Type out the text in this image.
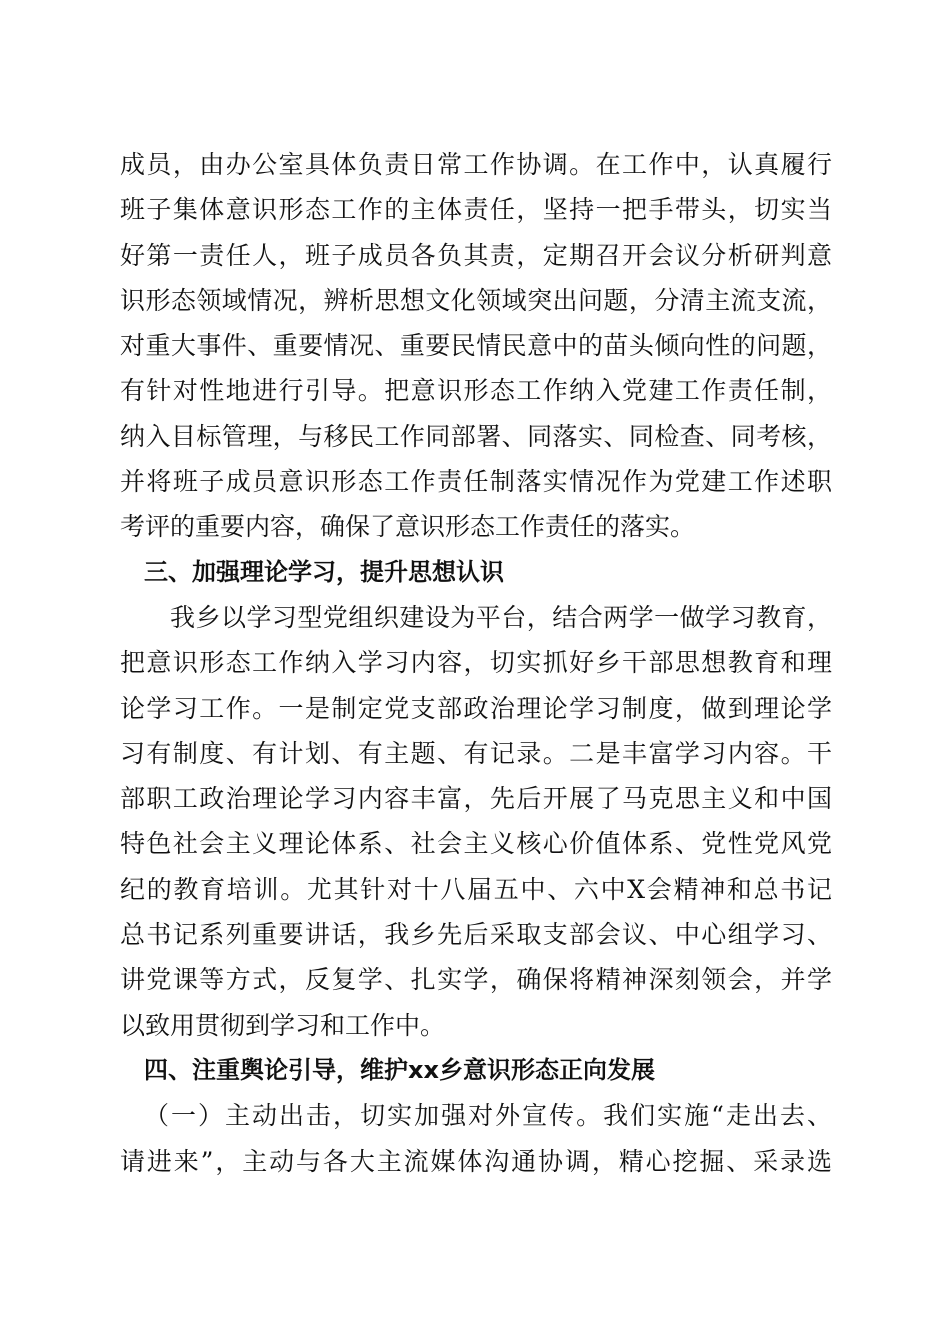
成员，由办公室具体负责日常工作协调。在工作中，认真履行
班子集体意识形态工作的主体责任，坚持一把手带头，切实当
好第一责任人，班子成员各负其责，定期召开会议分析研判意
识形态领域情况，辨析思想文化领域突出问题，分清主流支流，
对重大事件、重要情况、重要民情民意中的苗头倾向性的问题，
有针对性地进行引导。把意识形态工作纳入党建工作责任制，
纳入目标管理，与移民工作同部署、同落实、同检查、同考核，
并将班子成员意识形态工作责任制落实情况作为党建工作述职
考评的重要内容，确保了意识形态工作责任的落实。
三、加强理论学习，提升思想认识
我乡以学习型党组织建设为平台，结合两学一做学习教育，
把意识形态工作纳入学习内容，切实抓好乡干部思想教育和理
论学习工作。一是制定党支部政治理论学习制度，做到理论学
习有制度、有计划、有主题、有记录。二是丰富学习内容。干
部职工政治理论学习内容丰富，先后开展了马克思主义和中国
特色社会主义理论体系、社会主义核心价值体系、党性党风党
纪的教育培训。尤其针对十八届五中、六中X会精神和总书记
总书记系列重要讲话，我乡先后采取支部会议、中心组学习、
讲党课等方式，反复学、扎实学，确保将精神深刻领会，并学
以致用贯彻到学习和工作中。
四、注重舆论引导，维护xx乡意识形态正向发展
（一）主动出击，切实加强对外宣传。我们实施“走出去、
请进来”，主动与各大主流媒体沟通协调，精心挖掘、采录选
